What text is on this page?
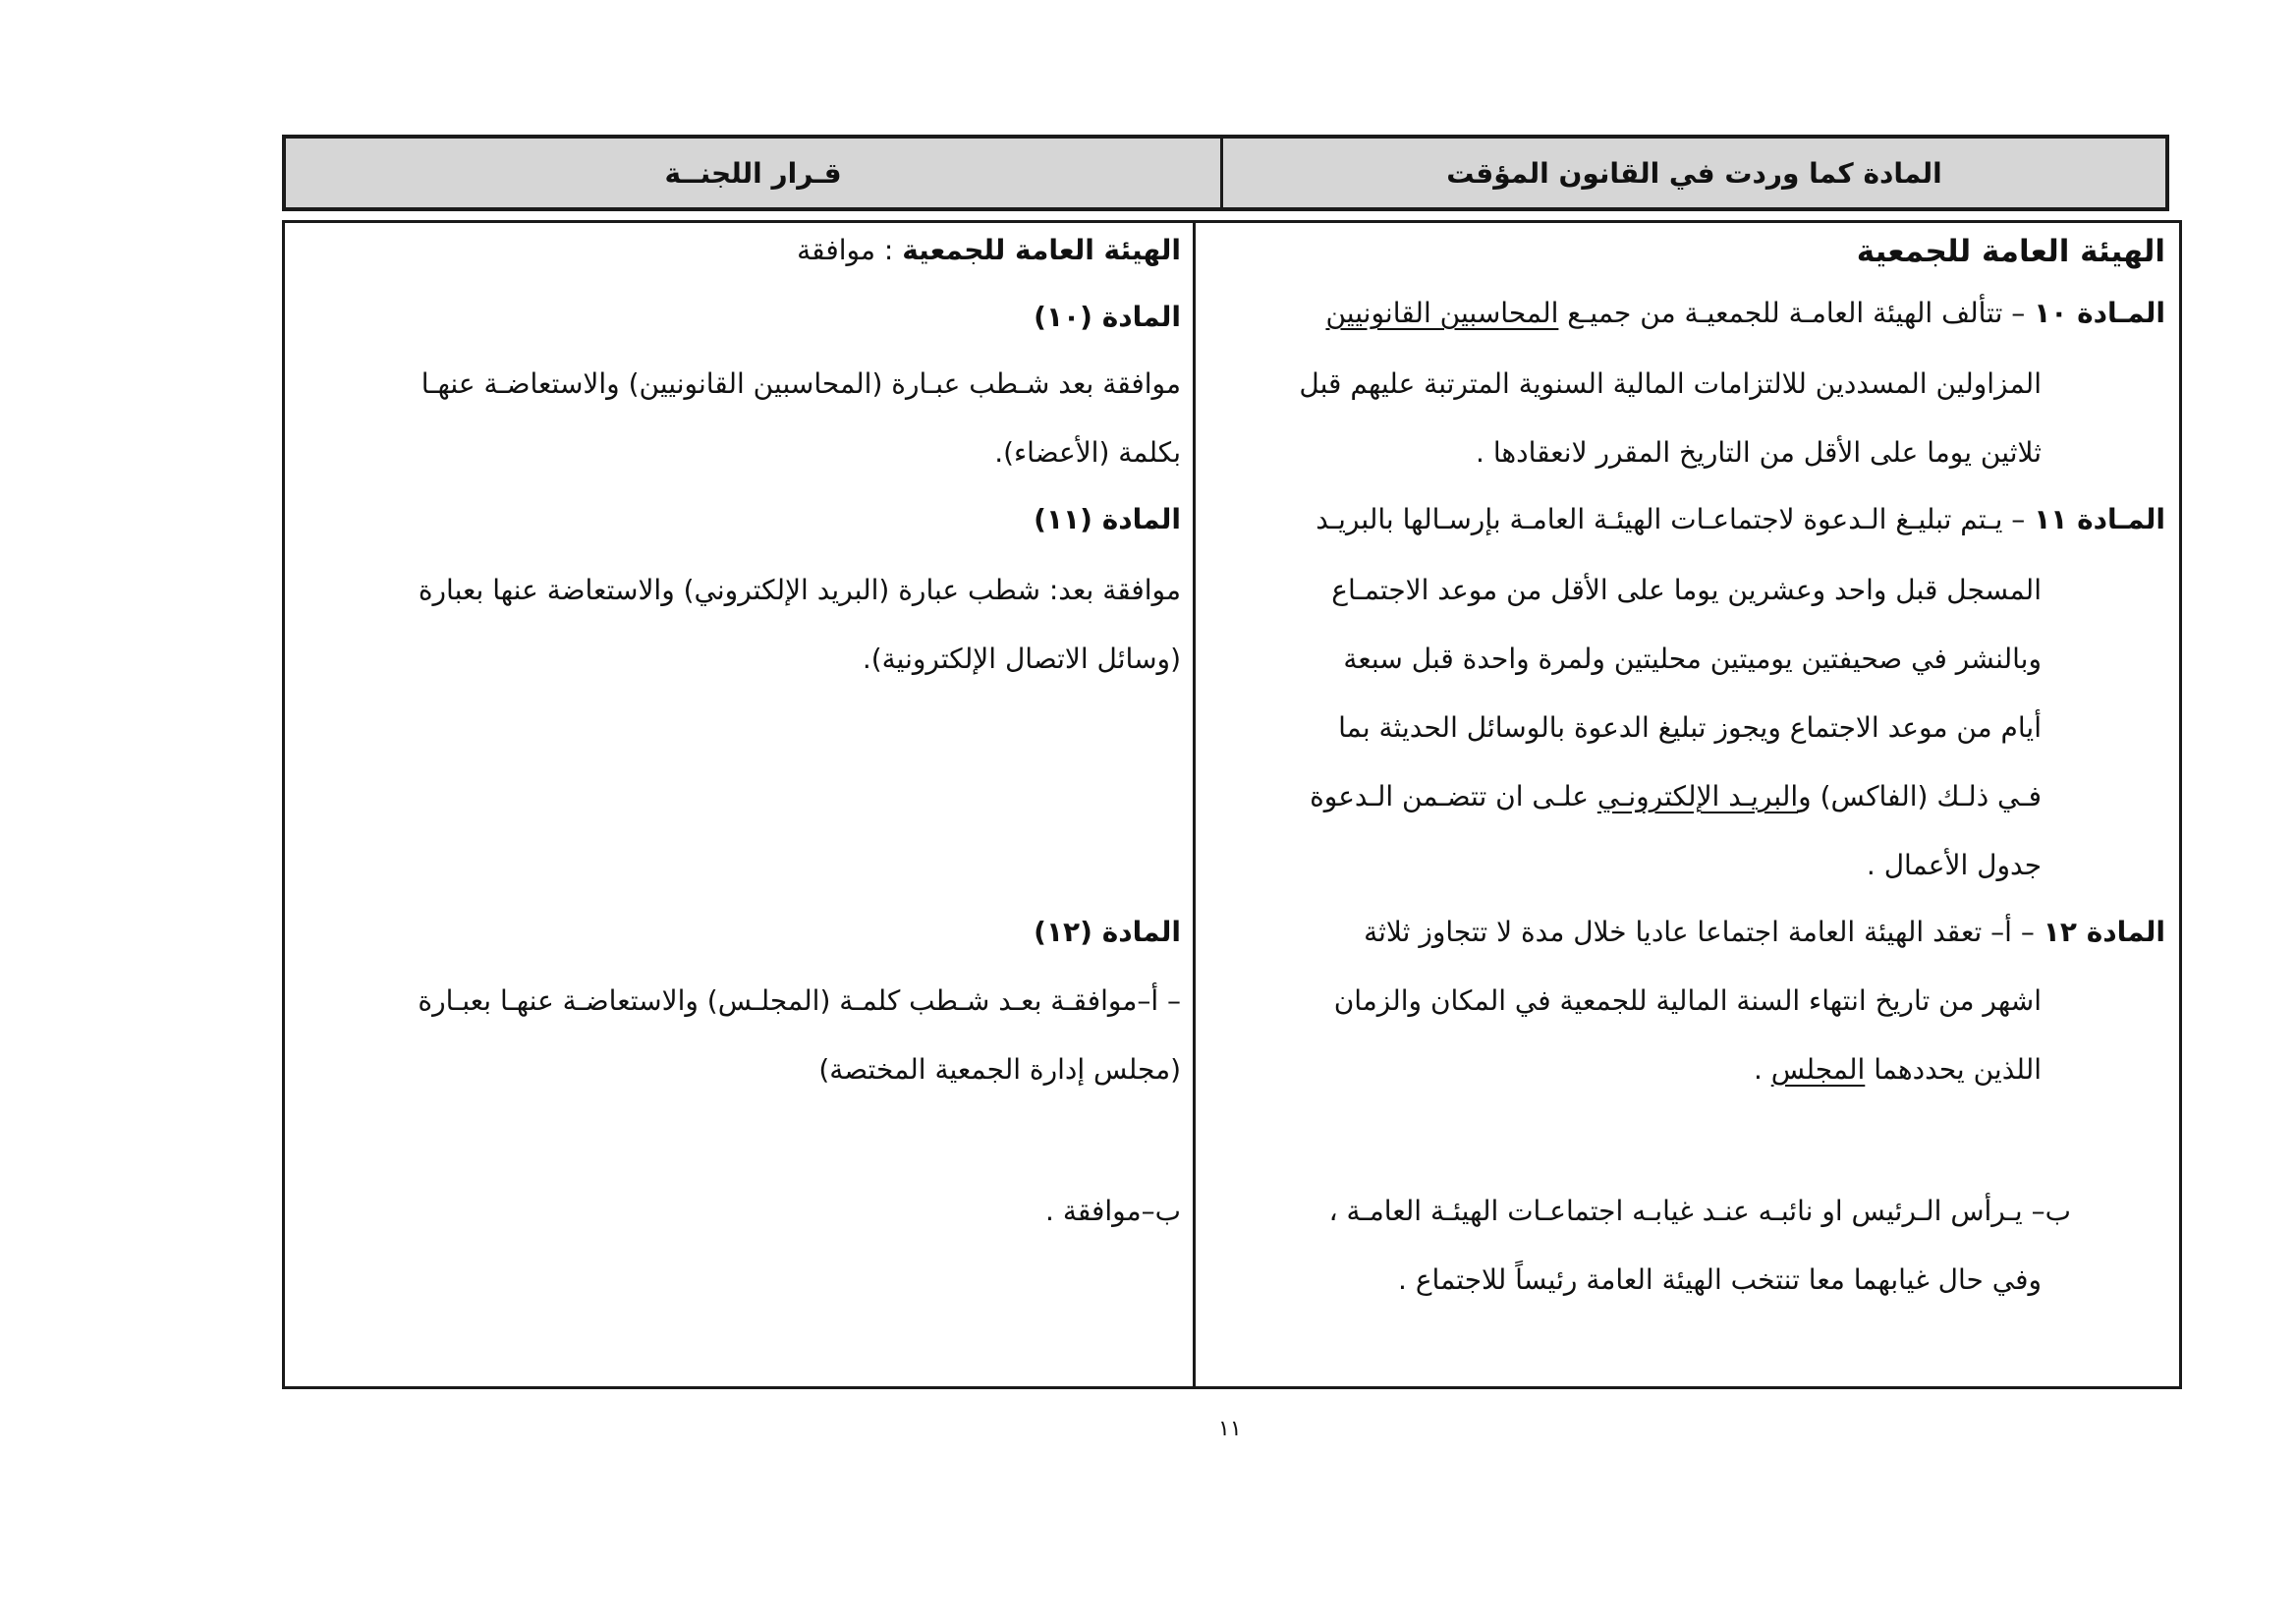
المادة كما وردت في القانون المؤقت
قـرار اللجنــة
الهيئة العامة للجمعية
المـادة ١٠ – تتألف الهيئة العامـة للجمعيـة من جميـع المحاسبين القانونيين
المزاولين المسددين للالتزامات المالية السنوية المترتبة عليهم قبل
ثلاثين يوما على الأقل من التاريخ المقرر لانعقادها .
المـادة ١١ – يـتم تبليـغ الـدعوة لاجتماعـات الهيئـة العامـة بإرسـالها بالبريـد
المسجل قبل واحد وعشرين يوما على الأقل من موعد الاجتمـاع
وبالنشر في صحيفتين يوميتين محليتين ولمرة واحدة قبل سبعة
أيام من موعد الاجتماع ويجوز تبليغ الدعوة بالوسائل الحديثة بما
فـي ذلـك (الفاكس) والبريـد الإلكترونـي علـى ان تتضـمن الـدعوة
جدول الأعمال .
المادة ١٢ – أ– تعقد الهيئة العامة اجتماعا عاديا خلال مدة لا تتجاوز ثلاثة
اشهر من تاريخ انتهاء السنة المالية للجمعية في المكان والزمان
اللذين يحددهما المجلس .
ب– يـرأس الـرئيس او نائبـه عنـد غيابـه اجتماعـات الهيئـة العامـة ،
وفي حال غيابهما معا تنتخب الهيئة العامة رئيساً للاجتماع .
الهيئة العامة للجمعية : موافقة
المادة (١٠)
موافقة بعد شـطب عبـارة (المحاسبين القانونيين) والاستعاضـة عنهـا
بكلمة (الأعضاء).
المادة (١١)
موافقة بعد: شطب عبارة (البريد الإلكتروني) والاستعاضة عنها بعبارة
(وسائل الاتصال الإلكترونية).
المادة (١٢)
– أ–موافقـة بعـد شـطب كلمـة (المجلـس) والاستعاضـة عنهـا بعبـارة
(مجلس إدارة الجمعية المختصة)
ب–موافقة .
١١
